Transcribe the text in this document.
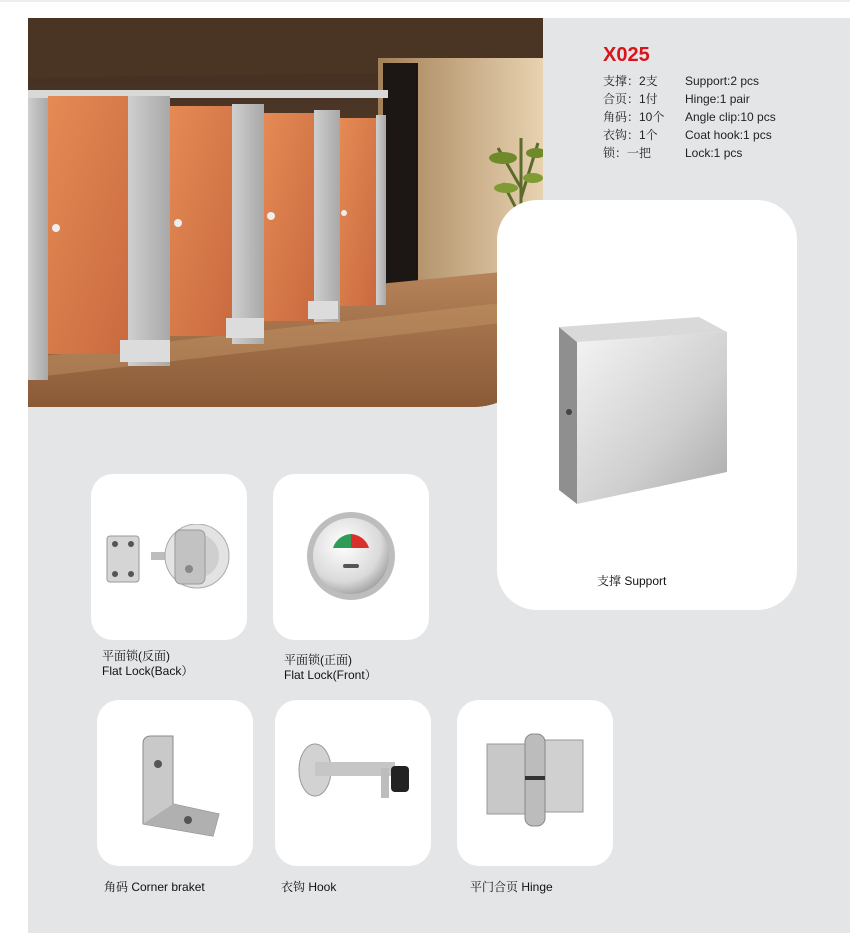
X025
支撑：2支	Support:2 pcs
合页：1付	Hinge:1 pair
角码：10个	Angle clip:10 pcs
衣钩：1个	Coat hook:1 pcs
锁：一把	Lock:1 pcs
支撑 Support
平面锁(反面)
Flat Lock(Back）
平面锁(正面)
Flat Lock(Front）
角码 Corner braket	衣钩 Hook	平门合页 Hinge
